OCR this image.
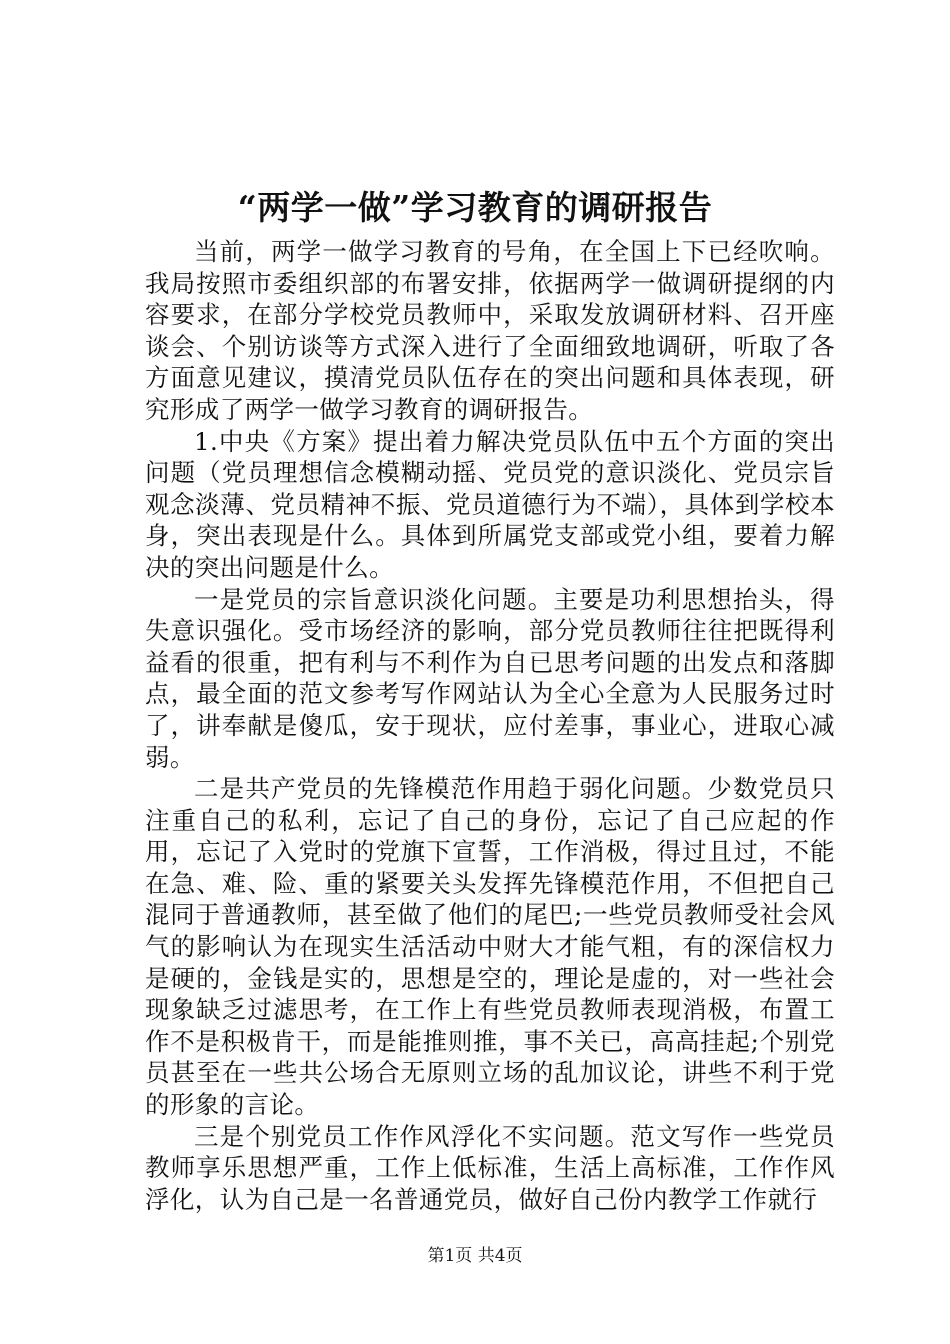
“两学一做”学习教育的调研报告

当前，两学一做学习教育的号角，在全国上下已经吹响。我局按照市委组织部的布署安排，依据两学一做调研提纲的内容要求，在部分学校党员教师中，采取发放调研材料、召开座谈会、个别访谈等方式深入进行了全面细致地调研，听取了各方面意见建议，摸清党员队伍存在的突出问题和具体表现，研究形成了两学一做学习教育的调研报告。

1.中央《方案》提出着力解决党员队伍中五个方面的突出问题（党员理想信念模糊动摇、党员党的意识淡化、党员宗旨观念淡薄、党员精神不振、党员道德行为不端），具体到学校本身，突出表现是什么。具体到所属党支部或党小组，要着力解决的突出问题是什么。

一是党员的宗旨意识淡化问题。主要是功利思想抬头，得失意识强化。受市场经济的影响，部分党员教师往往把既得利益看的很重，把有利与不利作为自已思考问题的出发点和落脚点，最全面的范文参考写作网站认为全心全意为人民服务过时了，讲奉献是傻瓜，安于现状，应付差事，事业心，进取心减弱。

二是共产党员的先锋模范作用趋于弱化问题。少数党员只注重自己的私利，忘记了自己的身份，忘记了自己应起的作用，忘记了入党时的党旗下宣誓，工作消极，得过且过，不能在急、难、险、重的紧要关头发挥先锋模范作用，不但把自己混同于普通教师，甚至做了他们的尾巴;一些党员教师受社会风气的影响认为在现实生活活动中财大才能气粗，有的深信权力是硬的，金钱是实的，思想是空的，理论是虚的，对一些社会现象缺乏过滤思考，在工作上有些党员教师表现消极，布置工作不是积极肯干，而是能推则推，事不关已，高高挂起;个别党员甚至在一些共公场合无原则立场的乱加议论，讲些不利于党的形象的言论。

三是个别党员工作作风浮化不实问题。范文写作一些党员教师享乐思想严重，工作上低标准，生活上高标准，工作作风浮化，认为自己是一名普通党员，做好自己份内教学工作就行

第1页 共4页
